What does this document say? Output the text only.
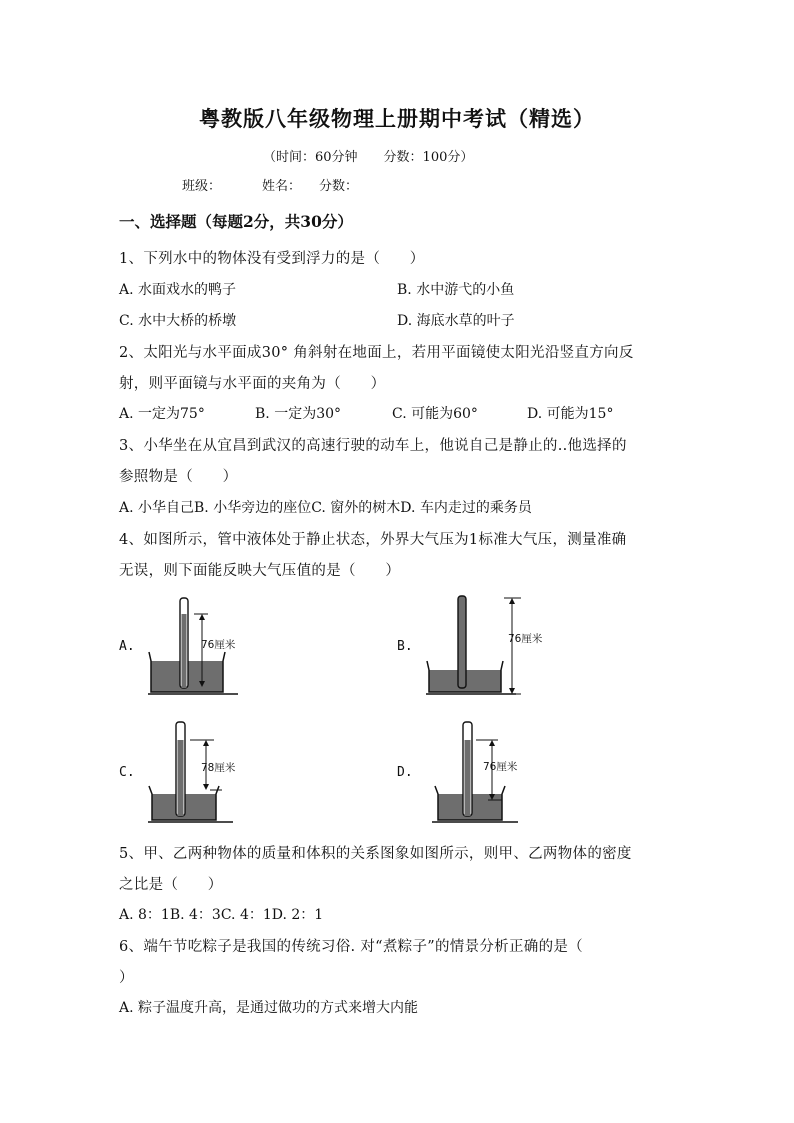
粤教版八年级物理上册期中考试（精选）
（时间：60分钟　　分数：100分）
班级：	姓名： 分数：
一、选择题（每题2分，共30分）
1、下列水中的物体没有受到浮力的是（　　）
A. 水面戏水的鸭子	B. 水中游弋的小鱼
C. 水中大桥的桥墩	D. 海底水草的叶子
2、太阳光与水平面成30° 角斜射在地面上，若用平面镜使太阳光沿竖直方向反
射，则平面镜与水平面的夹角为（　　）
A. 一定为75°	B. 一定为30°	C. 可能为60°	D. 可能为15°
3、小华坐在从宜昌到武汉的高速行驶的动车上，他说自己是静止的..他选择的
参照物是（　　）
A. 小华自己B. 小华旁边的座位C. 窗外的树木D. 车内走过的乘务员
4、如图所示，管中液体处于静止状态，外界大气压为1标准大气压，测量准确
无误，则下面能反映大气压值的是（　　）
A.	76厘米	B.	76厘米
C.	78厘米	D.	76厘米
5、甲、乙两种物体的质量和体积的关系图象如图所示，则甲、乙两物体的密度
之比是（　　）
A. 8：1B. 4：3C. 4：1D. 2：1
6、端午节吃粽子是我国的传统习俗. 对“煮粽子”的情景分析正确的是（
）
A. 粽子温度升高，是通过做功的方式来增大内能
